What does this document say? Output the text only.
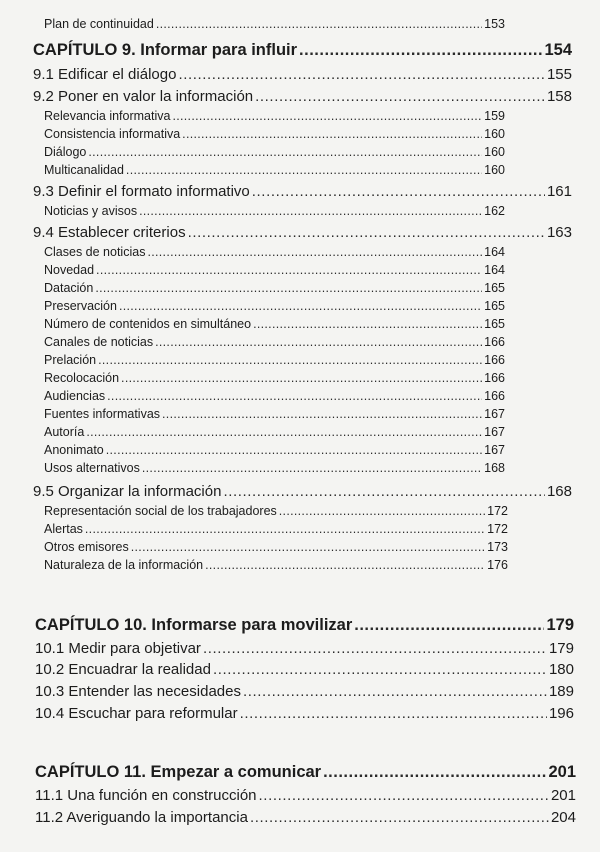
Plan de continuidad .....	153
CAPÍTULO 9. Informar para influir .....	154
9.1 Edificar el diálogo .....	155
9.2 Poner en valor la información .....	158
Relevancia informativa .....	159
Consistencia informativa .....	160
Diálogo .....	160
Multicanalidad .....	160
9.3 Definir el formato informativo .....	161
Noticias y avisos .....	162
9.4 Establecer criterios .....	163
Clases de noticias .....	164
Novedad .....	164
Datación .....	165
Preservación .....	165
Número de contenidos en simultáneo .....	165
Canales de noticias .....	166
Prelación .....	166
Recolocación .....	166
Audiencias .....	166
Fuentes informativas .....	167
Autoría .....	167
Anonimato .....	167
Usos alternativos .....	168
9.5 Organizar la información .....	168
Representación social de los trabajadores .....	172
Alertas .....	172
Otros emisores .....	173
Naturaleza de la información .....	176
CAPÍTULO 10. Informarse para movilizar .....	179
10.1 Medir para objetivar .....	179
10.2 Encuadrar la realidad .....	180
10.3 Entender las necesidades .....	189
10.4 Escuchar para reformular .....	196
CAPÍTULO 11. Empezar a comunicar .....	201
11.1 Una función en construcción .....	201
11.2 Averiguando la importancia .....	204
